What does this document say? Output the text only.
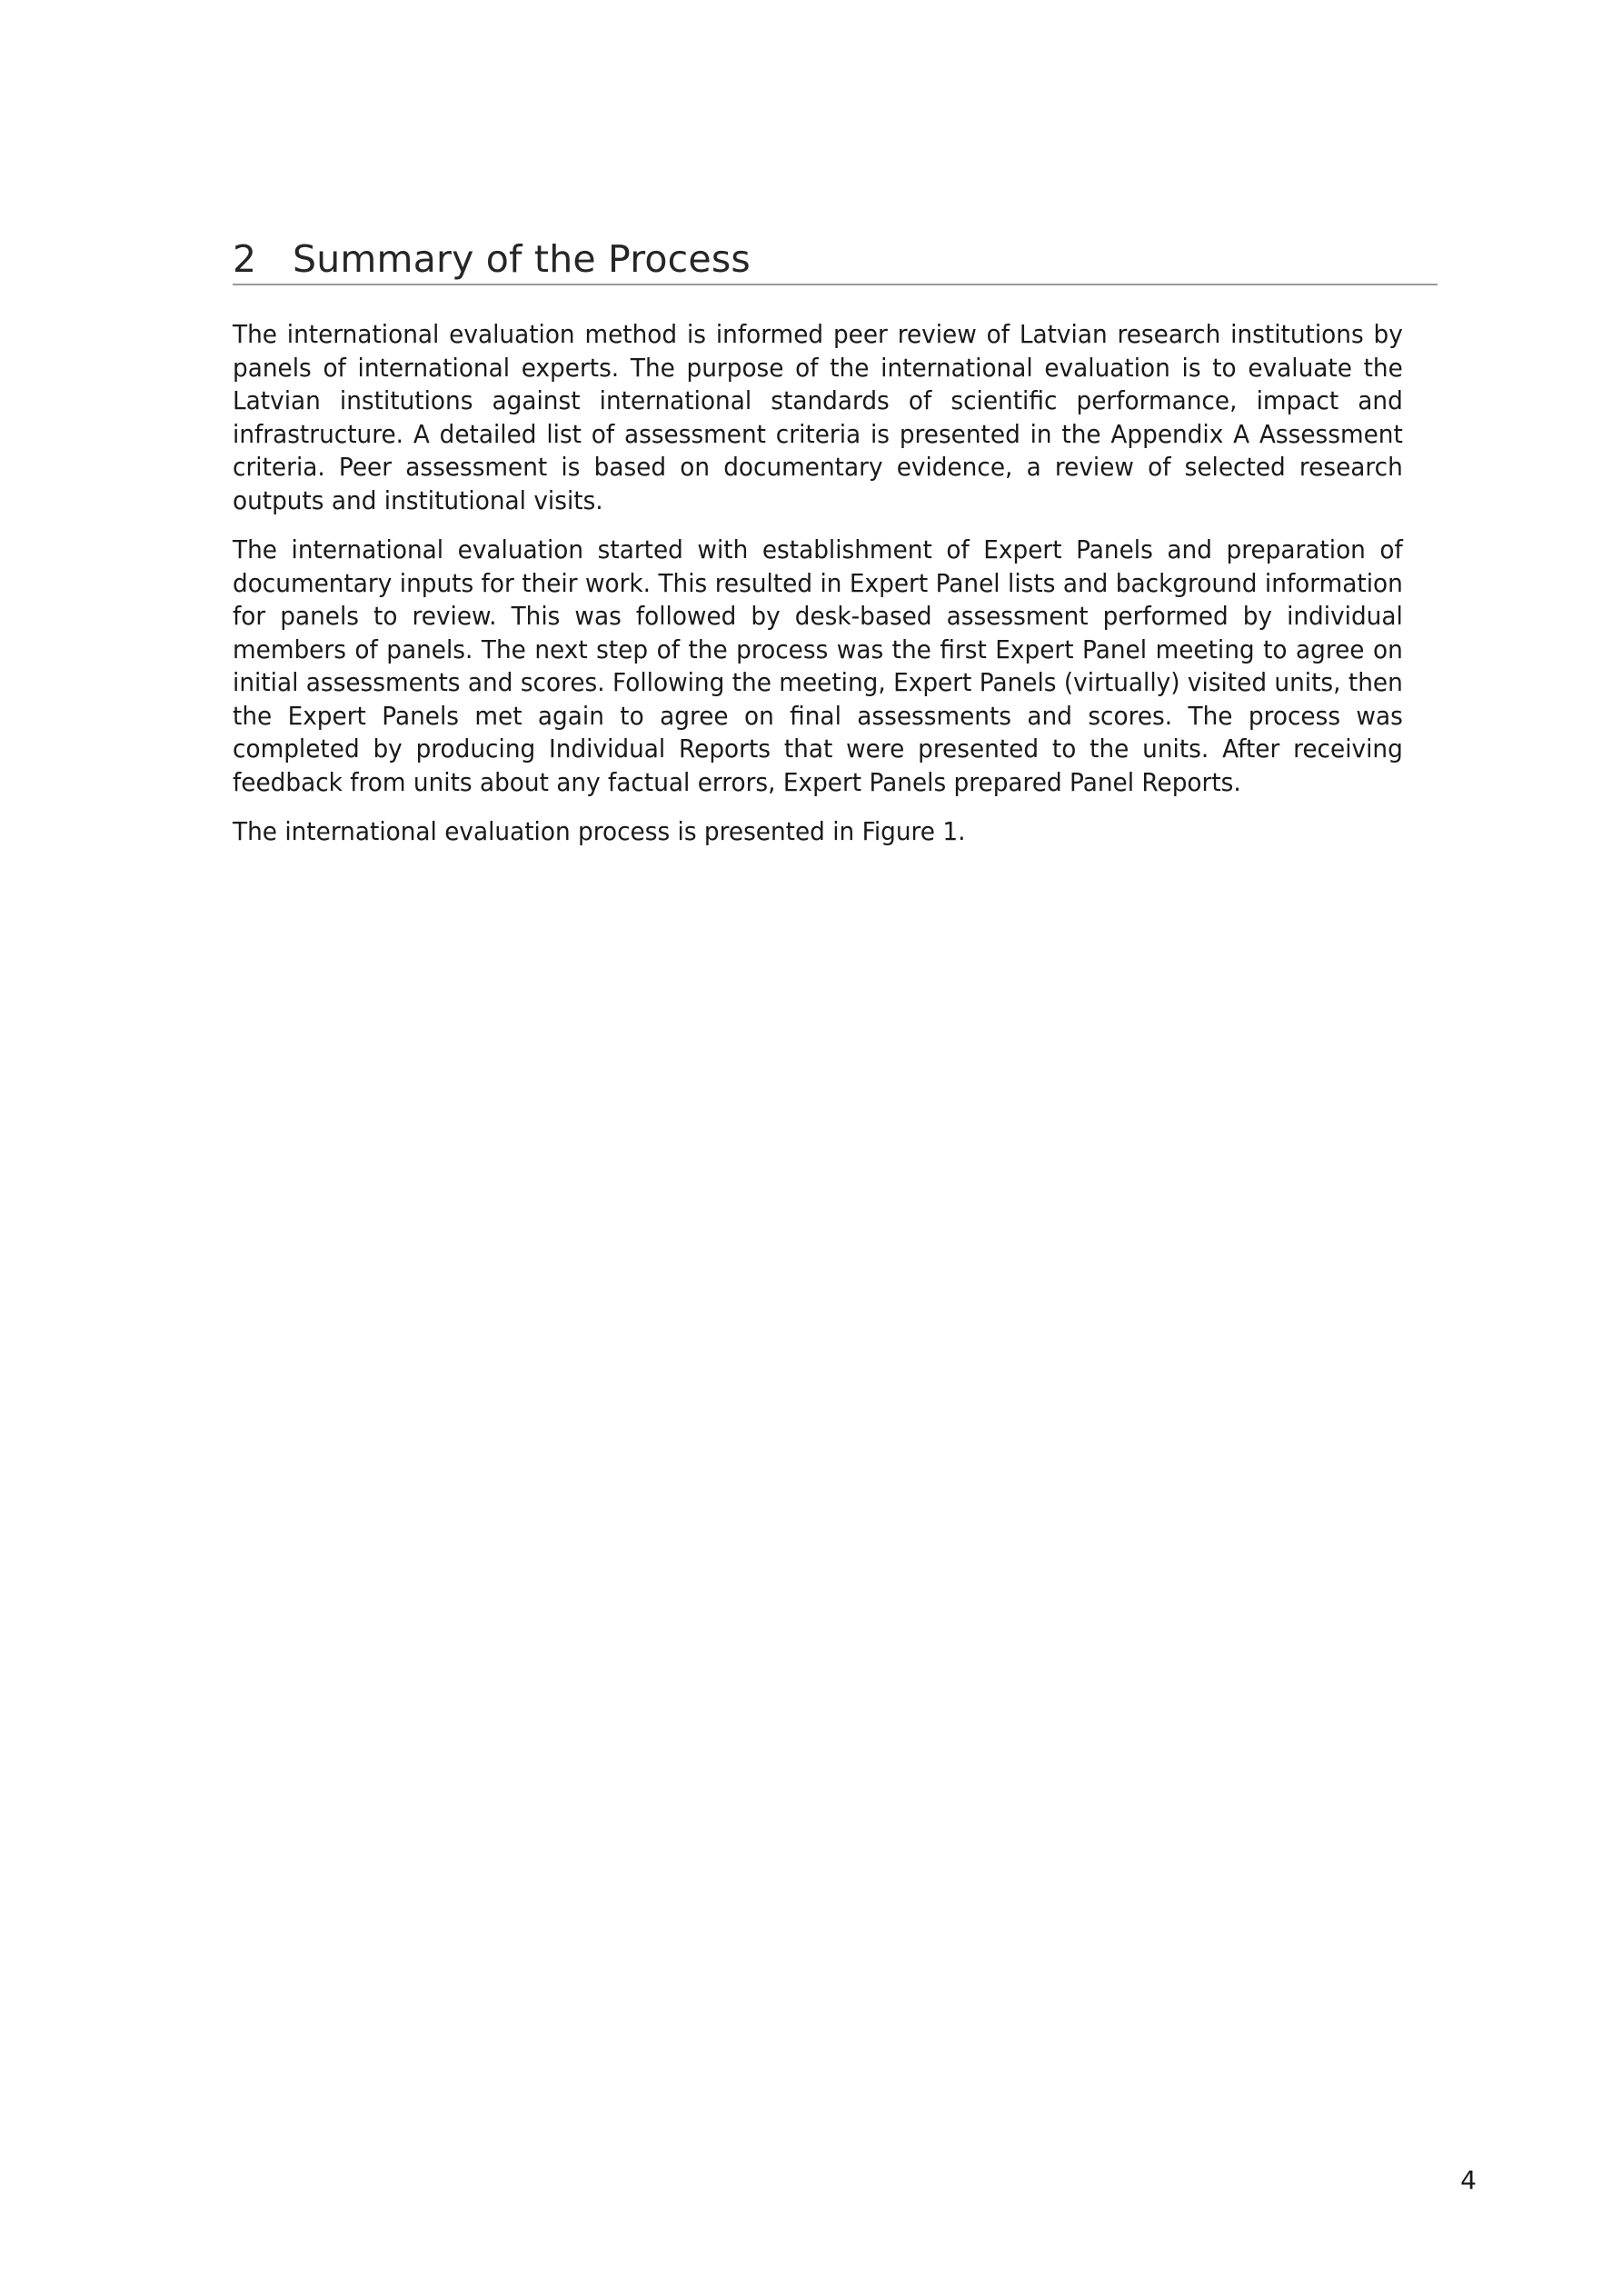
2 Summary of the Process

The international evaluation method is informed peer review of Latvian research institutions by panels of international experts. The purpose of the international evaluation is to evaluate the Latvian institutions against international standards of scientific performance, impact and infrastructure. A detailed list of assessment criteria is presented in the Appendix A Assessment criteria. Peer assessment is based on documentary evidence, a review of selected research outputs and institutional visits.

The international evaluation started with establishment of Expert Panels and preparation of documentary inputs for their work. This resulted in Expert Panel lists and background information for panels to review. This was followed by desk-based assessment performed by individual members of panels. The next step of the process was the first Expert Panel meeting to agree on initial assessments and scores. Following the meeting, Expert Panels (virtually) visited units, then the Expert Panels met again to agree on final assessments and scores. The process was completed by producing Individual Reports that were presented to the units. After receiving feedback from units about any factual errors, Expert Panels prepared Panel Reports.

The international evaluation process is presented in Figure 1.

4
